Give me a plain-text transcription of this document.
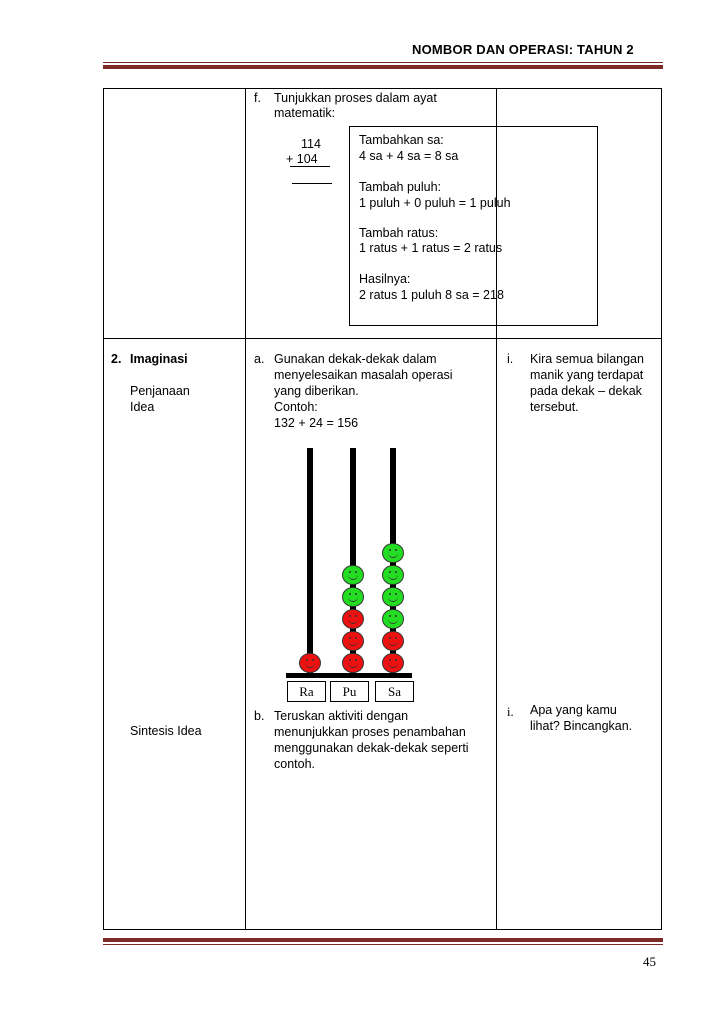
NOMBOR DAN OPERASI: TAHUN 2
f. Tunjukkan proses dalam ayat
matematik:
114
+ 104
Tambahkan sa:
4 sa + 4 sa = 8 sa
Tambah puluh:
1 puluh + 0 puluh = 1 puluh
Tambah ratus:
1 ratus + 1 ratus = 2 ratus
Hasilnya:
2 ratus 1 puluh 8 sa = 218
2. Imaginasi
Penjanaan
Idea
Sintesis Idea
a. Gunakan dekak-dekak dalam
menyelesaikan masalah operasi
yang diberikan.
Contoh:
132 + 24 = 156
Ra	Pu	Sa
b. Teruskan aktiviti dengan
menunjukkan proses penambahan
menggunakan dekak-dekak seperti
contoh.
i. Kira semua bilangan
manik yang terdapat
pada dekak – dekak
tersebut.
i. Apa yang kamu
lihat? Bincangkan.
45
